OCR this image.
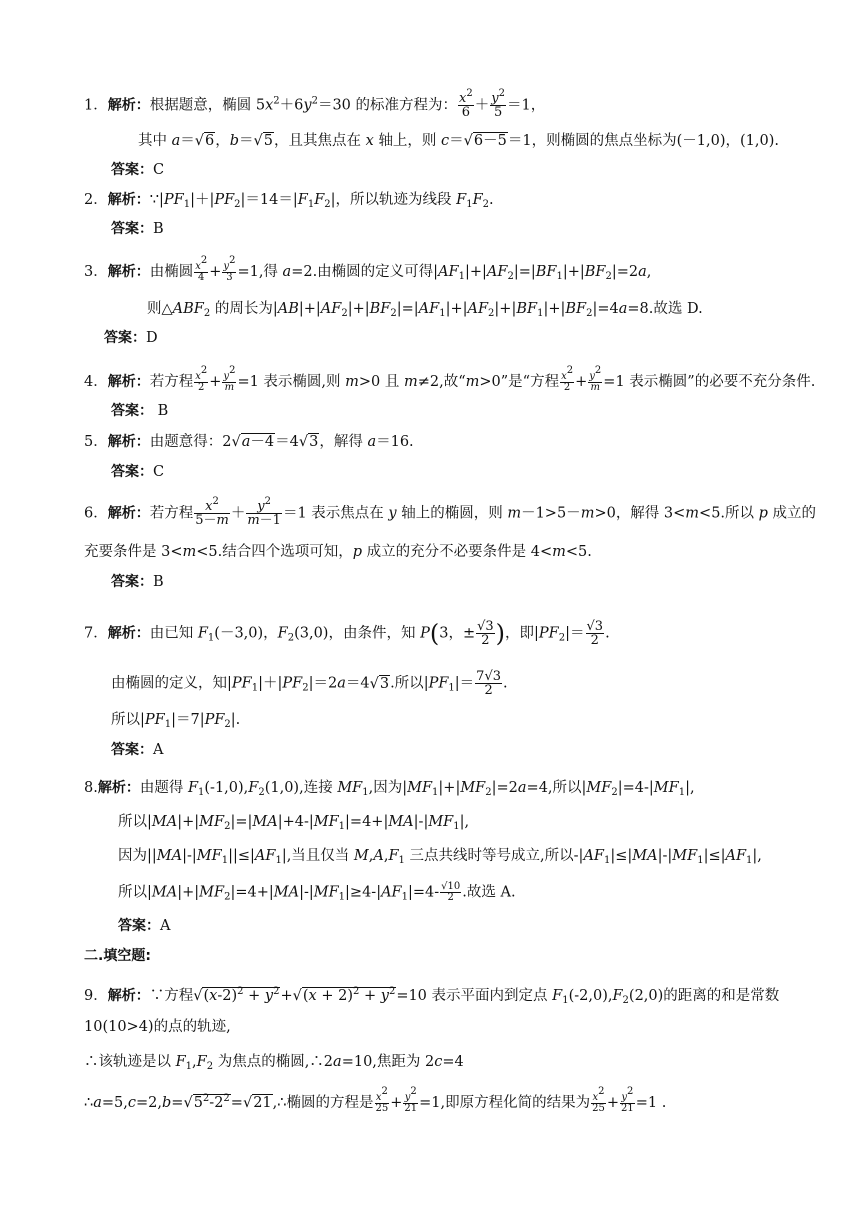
1．解析：根据题意，椭圆 $5x^2+6y^2=30$ 的标准方程为： $\frac{x^2}{6} + \frac{y^2}{5} =1$，
其中 a＝√6，b＝√5，且其焦点在 x 轴上，则 c＝√6－5＝1，则椭圆的焦点坐标为(－1,0)，(1,0).
答案：C
2．解析：$\because|PF_1|+|PF_2|=14=|F_1F_2|$，所以轨迹为线段 $F_1F_2$.
答案：B
3．解析：由椭圆 $\frac{x^2}{4} + \frac{y^2}{3} =1$,得 a=2.由椭圆的定义可得$|AF_1|+|AF_2|=|BF_1|+|BF_2|=2a$,
则$\triangle ABF_2$ 的周长为$|AB|+|AF_2|+|BF_2|=|AF_1|+|AF_2|+|BF_1|+|BF_2|=4a=8$.故选 D.
答案：D
4．解析：若方程 $\frac{x^2}{2} + \frac{y^2}{m} =1$ 表示椭圆,则 m>0 且 m≠2,故“m>0”是“方程 $\frac{x^2}{2} + \frac{y^2}{m} =1$ 表示椭圆”的必要不充分条件.
答案： B
5．解析：由题意得：2√a－4＝4√3，解得 a＝16.
答案：C
6．解析：若方程 $\frac{x^2}{5-m} + \frac{y^2}{m-1} =1$ 表示焦点在 y 轴上的椭圆，则 m－1>5－m>0，解得 3<m<5.所以 p 成立的
充要条件是 3<m<5.结合四个选项可知，p 成立的充分不必要条件是 4<m<5.
答案：B
7．解析：由已知 $F_1(-3,0)$，$F_2(3,0)$，由条件，知 P(3，± $\frac{√3}{2}$ )，即$|PF_2|= \frac{√3}{2}$ .
由椭圆的定义，知$|PF_1|+|PF_2|=2a=4√3$.所以$|PF_1|= \frac{7√3}{2}$ .
所以$|PF_1|=7|PF_2|$.
答案：A
8.解析：由题得 $F_1(-1,0),F_2(1,0)$,连接 $MF_1$,因为$|MF_1|+|MF_2|=2a=4$,所以$|MF_2|=4-|MF_1|$,
所以$|MA|+|MF_2|=|MA|+4-|MF_1|=4+|MA|-|MF_1|$,
因为$||MA|-|MF_1||\le|AF_1|$,当且仅当 $M,A,F_1$ 三点共线时等号成立,所以$-|AF_1|\le|MA|-|MF_1|\le|AF_1|$,
所以$|MA|+|MF_2|=4+|MA|-|MF_1|\ge 4-|AF_1|=4- \frac{√10}{2}$ .故选 A.
答案：A
二.填空题:
9．解析：∵方程$√(x-2)^2 + y^2+√(x + 2)^2 + y^2=10$ 表示平面内到定点 $F_1(-2,0),F_2(2,0)$的距离的和是常数
10(10>4)的点的轨迹,
∴该轨迹是以 $F_1,F_2$ 为焦点的椭圆,∴2a=10,焦距为 2c=4
$\therefore a=5,c=2,b=√5^2-2^2=√21,\therefore$椭圆的方程是 $\frac{x^2}{25} + \frac{y^2}{21} =1$,即原方程化简的结果为 $\frac{x^2}{25} + \frac{y^2}{21} =1$ .
